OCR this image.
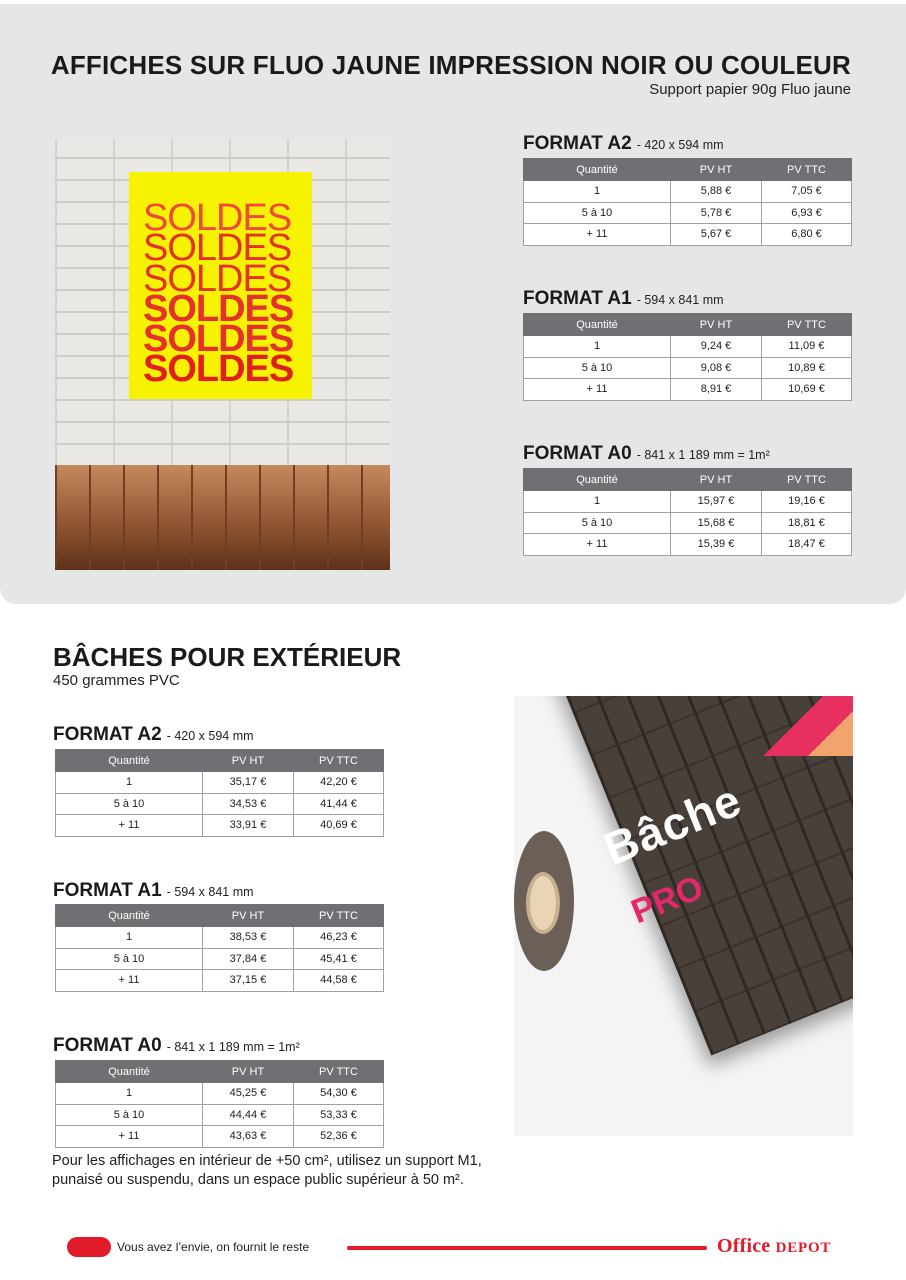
AFFICHES SUR FLUO JAUNE IMPRESSION NOIR OU COULEUR
Support papier 90g Fluo jaune
SOLDES
SOLDES
SOLDES
SOLDES
SOLDES
SOLDES
FORMAT A2 - 420 x 594 mm
Quantité	PV HT	PV TTC
1	5,88 €	7,05 €
5 à 10	5,78 €	6,93 €
+ 11	5,67 €	6,80 €
FORMAT A1 - 594 x 841 mm
Quantité	PV HT	PV TTC
1	9,24 €	11,09 €
5 à 10	9,08 €	10,89 €
+ 11	8,91 €	10,69 €
FORMAT A0 - 841 x 1 189 mm = 1m²
Quantité	PV HT	PV TTC
1	15,97 €	19,16 €
5 à 10	15,68 €	18,81 €
+ 11	15,39 €	18,47 €
BÂCHES POUR EXTÉRIEUR
450 grammes PVC
FORMAT A2 - 420 x 594 mm
Quantité	PV HT	PV TTC
1	35,17 €	42,20 €
5 à 10	34,53 €	41,44 €
+ 11	33,91 €	40,69 €
FORMAT A1 - 594 x 841 mm
Quantité	PV HT	PV TTC
1	38,53 €	46,23 €
5 à 10	37,84 €	45,41 €
+ 11	37,15 €	44,58 €
FORMAT A0 - 841 x 1 189 mm = 1m²
Quantité	PV HT	PV TTC
1	45,25 €	54,30 €
5 à 10	44,44 €	53,33 €
+ 11	43,63 €	52,36 €
Bâche
PRO
Pour les affichages en intérieur de +50 cm², utilisez un support M1,
punaisé ou suspendu, dans un espace public supérieur à 50 m².
Vous avez l’envie, on fournit le reste	Office DEPOT
